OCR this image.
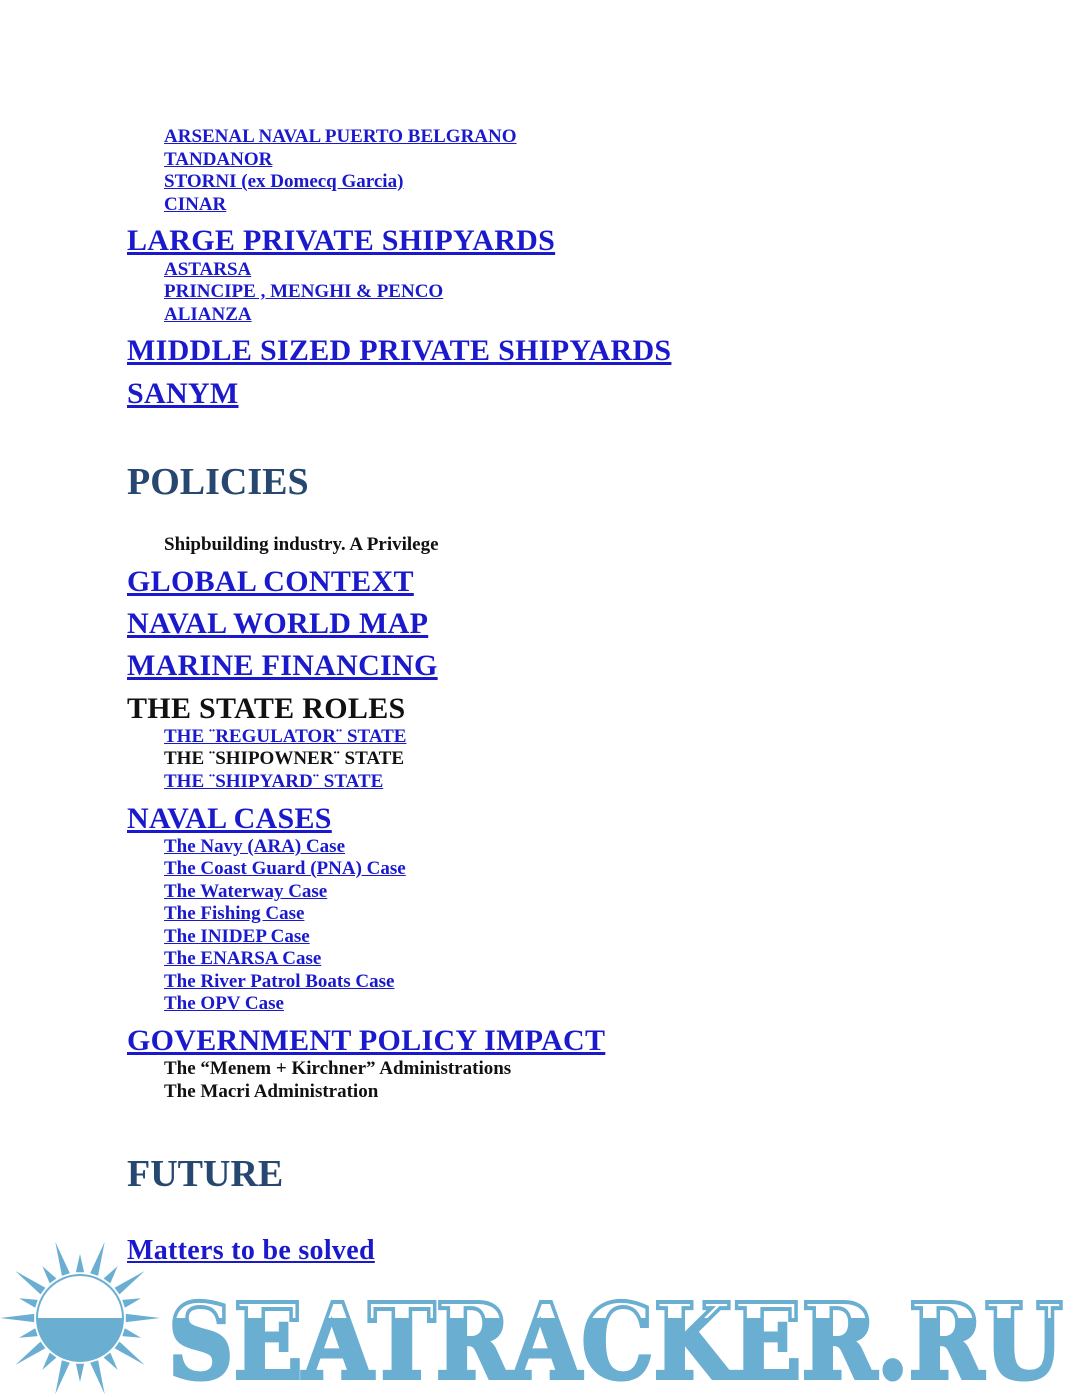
ARSENAL NAVAL PUERTO BELGRANO
TANDANOR
STORNI (ex Domecq Garcia)
CINAR
LARGE PRIVATE SHIPYARDS
ASTARSA
PRINCIPE , MENGHI & PENCO
ALIANZA
MIDDLE SIZED PRIVATE SHIPYARDS
SANYM
POLICIES
Shipbuilding industry. A Privilege
GLOBAL CONTEXT
NAVAL WORLD MAP
MARINE FINANCING
THE STATE ROLES
THE ¨REGULATOR¨ STATE
THE ¨SHIPOWNER¨ STATE
THE ¨SHIPYARD¨ STATE
NAVAL CASES
The Navy (ARA) Case
The Coast Guard (PNA) Case
The Waterway Case
The Fishing Case
The INIDEP Case
The ENARSA Case
The River Patrol Boats Case
The OPV Case
GOVERNMENT POLICY IMPACT
The “Menem + Kirchner” Administrations
The Macri Administration
FUTURE
SEATRACKER.RU
Matters to be solved
